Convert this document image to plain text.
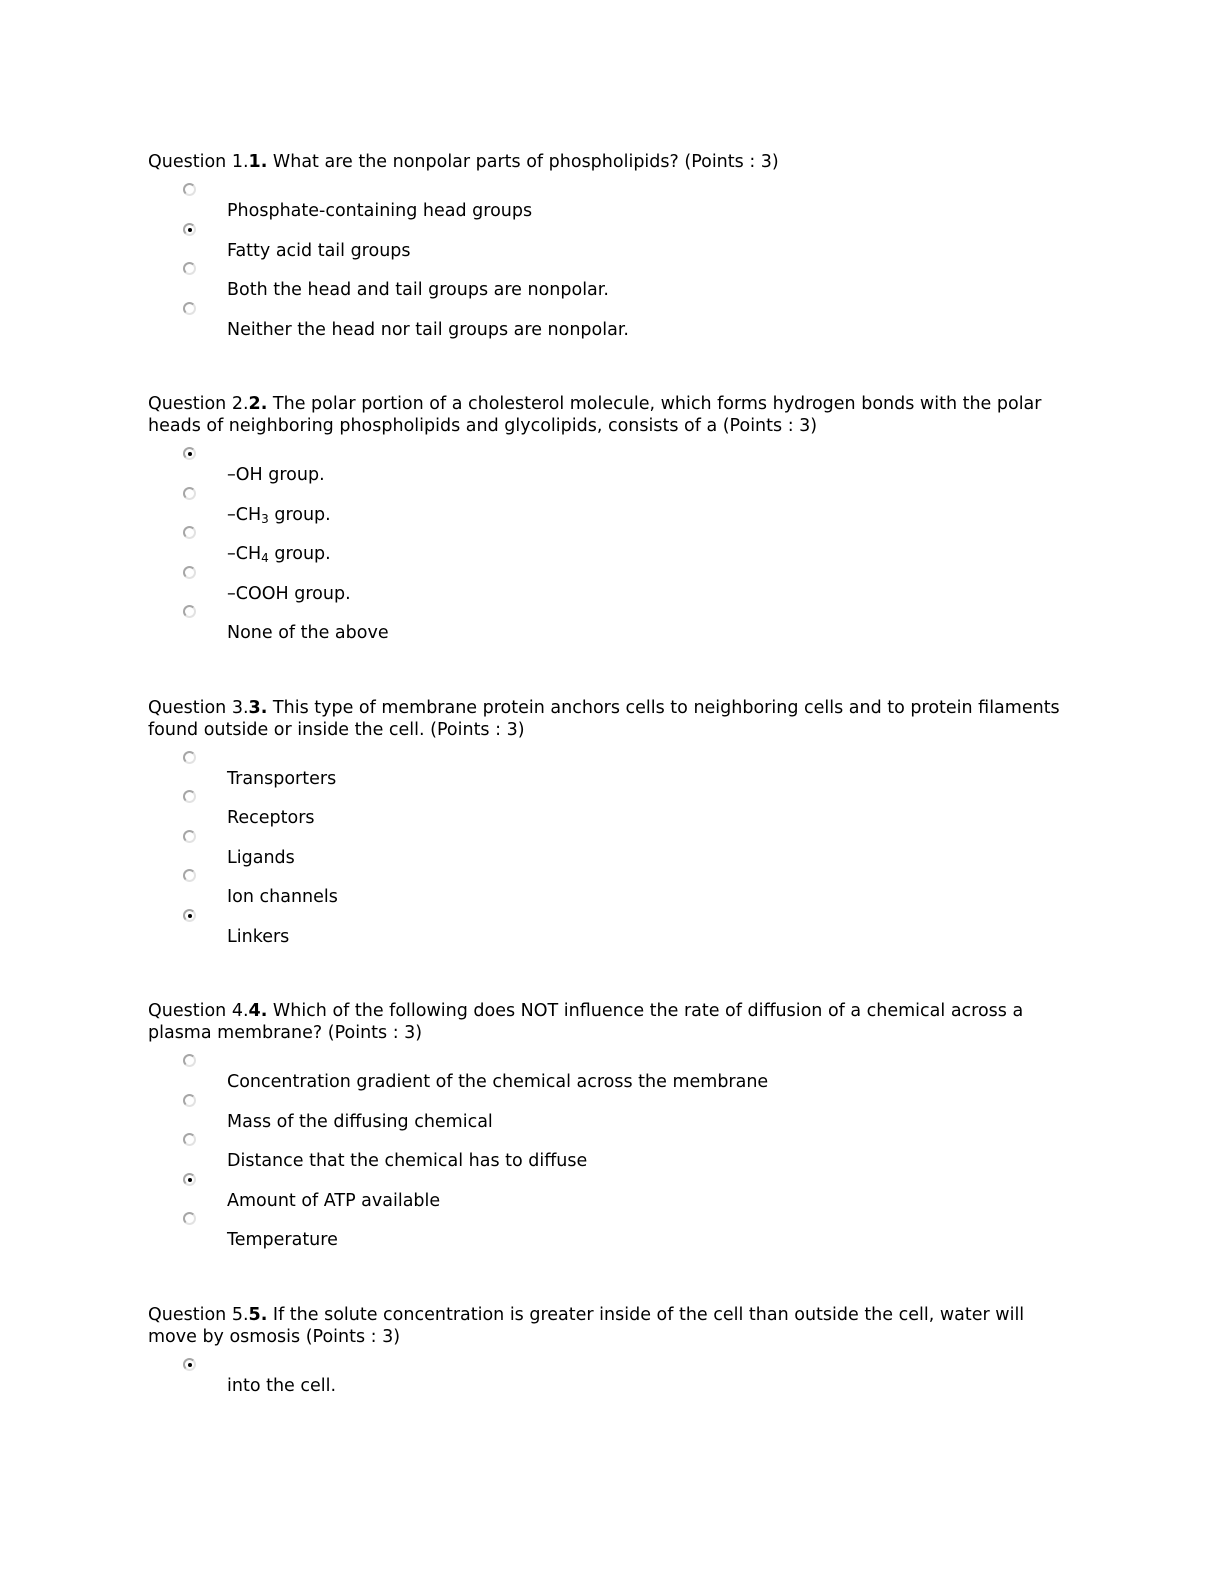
Question 1.1. What are the nonpolar parts of phospholipids? (Points : 3)
Phosphate-containing head groups
Fatty acid tail groups
Both the head and tail groups are nonpolar.
Neither the head nor tail groups are nonpolar.
Question 2.2. The polar portion of a cholesterol molecule, which forms hydrogen bonds with the polar heads of neighboring phospholipids and glycolipids, consists of a (Points : 3)
–OH group.
$-CH_3$ group.
$-CH_4$ group.
–COOH group.
None of the above
Question 3.3. This type of membrane protein anchors cells to neighboring cells and to protein filaments found outside or inside the cell. (Points : 3)
Transporters
Receptors
Ligands
Ion channels
Linkers
Question 4.4. Which of the following does NOT influence the rate of diffusion of a chemical across a plasma membrane? (Points : 3)
Concentration gradient of the chemical across the membrane
Mass of the diffusing chemical
Distance that the chemical has to diffuse
Amount of ATP available
Temperature
Question 5.5. If the solute concentration is greater inside of the cell than outside the cell, water will move by osmosis (Points : 3)
into the cell.
